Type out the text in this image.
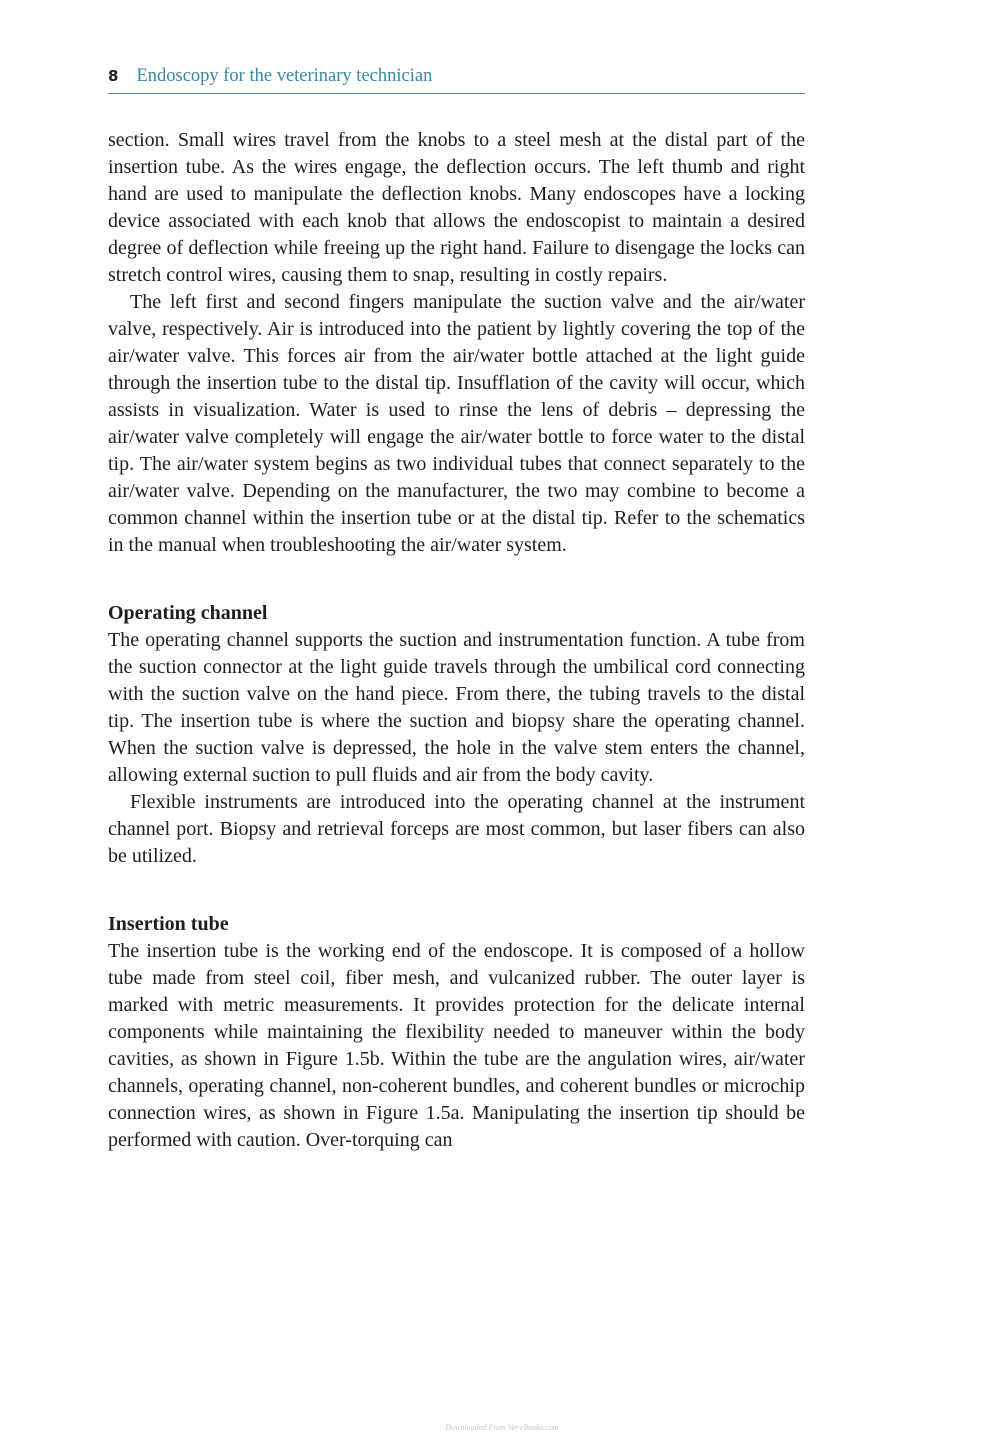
8 Endoscopy for the veterinary technician

section. Small wires travel from the knobs to a steel mesh at the distal part of the insertion tube. As the wires engage, the deflection occurs. The left thumb and right hand are used to manipulate the deflection knobs. Many endoscopes have a locking device associated with each knob that allows the endoscopist to maintain a desired degree of deflection while freeing up the right hand. Failure to disengage the locks can stretch control wires, causing them to snap, resulting in costly repairs.

The left first and second fingers manipulate the suction valve and the air/water valve, respectively. Air is introduced into the patient by lightly covering the top of the air/water valve. This forces air from the air/water bottle attached at the light guide through the insertion tube to the distal tip. Insufflation of the cavity will occur, which assists in visualization. Water is used to rinse the lens of debris – depressing the air/water valve completely will engage the air/water bottle to force water to the distal tip. The air/water system begins as two individual tubes that connect separately to the air/water valve. Depending on the manufacturer, the two may combine to become a common channel within the insertion tube or at the distal tip. Refer to the schematics in the manual when troubleshooting the air/water system.

Operating channel

The operating channel supports the suction and instrumentation function. A tube from the suction connector at the light guide travels through the umbilical cord connecting with the suction valve on the hand piece. From there, the tubing travels to the distal tip. The insertion tube is where the suction and biopsy share the operating channel. When the suction valve is depressed, the hole in the valve stem enters the channel, allowing external suction to pull fluids and air from the body cavity.

Flexible instruments are introduced into the operating channel at the instrument channel port. Biopsy and retrieval forceps are most common, but laser fibers can also be utilized.

Insertion tube

The insertion tube is the working end of the endoscope. It is composed of a hollow tube made from steel coil, fiber mesh, and vulcanized rubber. The outer layer is marked with metric measurements. It provides protection for the delicate internal components while maintaining the flexibility needed to maneuver within the body cavities, as shown in Figure 1.5b. Within the tube are the angulation wires, air/water channels, operating channel, non-coherent bundles, and coherent bundles or microchip connection wires, as shown in Figure 1.5a. Manipulating the insertion tip should be performed with caution. Over-torquing can

Downloaded From Vet-eBooks.com
